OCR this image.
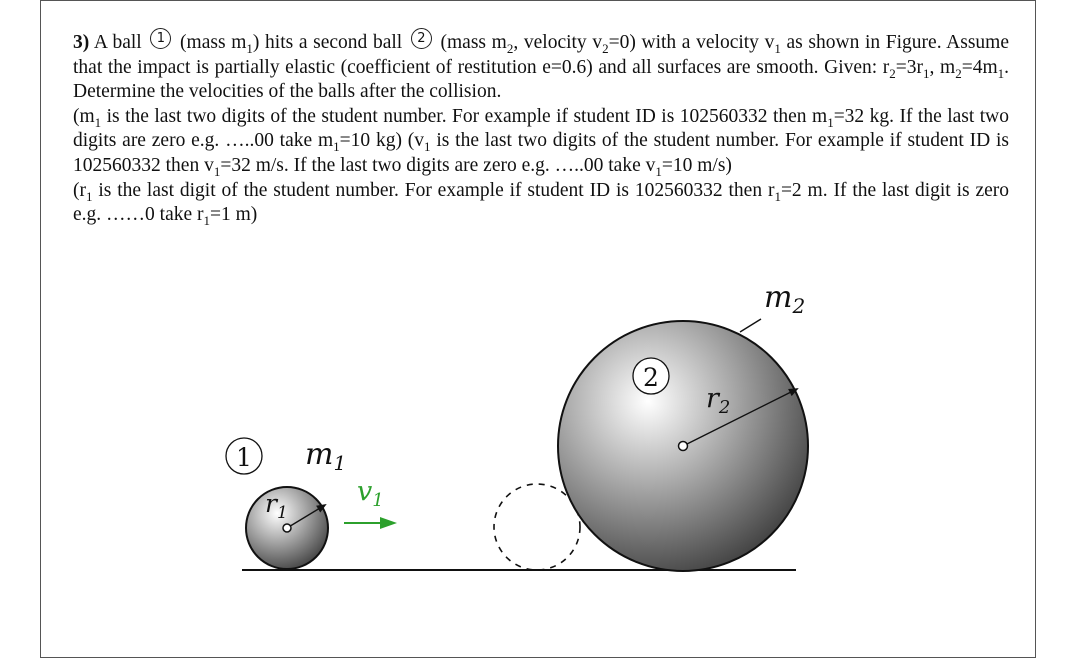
3) A ball 1 (mass $m_1$) hits a second ball 2 (mass $m_2$, velocity $v_2=0$) with a velocity $v_1$ as shown in Figure. Assume that the impact is partially elastic (coefficient of restitution e=0.6) and all surfaces are smooth. Given: $r_2=3r_1$, $m_2=4m_1$. Determine the velocities of the balls after the collision.

($m_1$ is the last two digits of the student number. For example if student ID is 102560332 then $m_1=32$ kg. If the last two digits are zero e.g. …..00 take $m_1=10$ kg) ($v_1$ is the last two digits of the student number. For example if student ID is 102560332 then $v_1=32$ m/s. If the last two digits are zero e.g. …..00 take $v_1=10$ m/s)

($r_1$ is the last digit of the student number. For example if student ID is 102560332 then $r_1=2$ m. If the last digit is zero e.g. ……0 take $r_1=1$ m)

1
2
$m_2$
$r_2$
$m_1$
$v_1$
$r_1$
